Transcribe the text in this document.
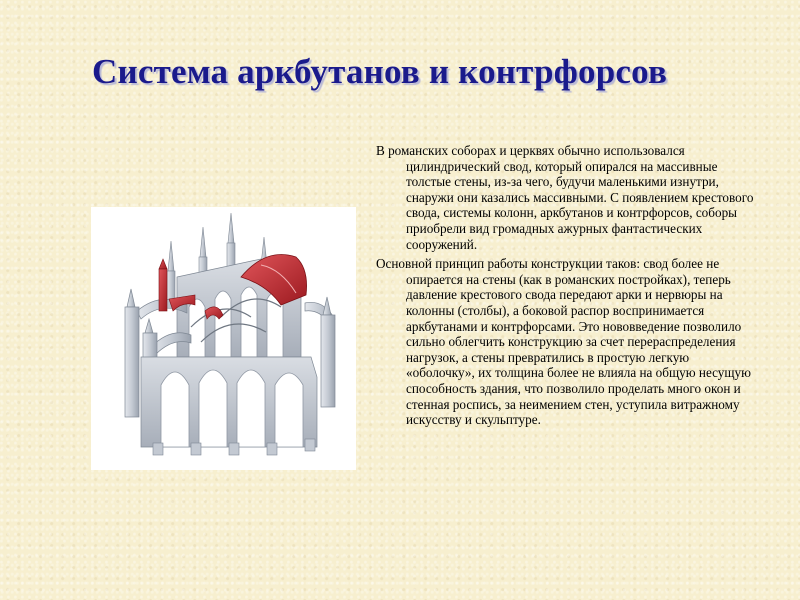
Система аркбутанов и контрфорсов

В романских соборах и церквях обычно использовался цилиндрический свод, который опирался на массивные толстые стены, из-за чего, будучи маленькими изнутри, снаружи они казались массивными. С появлением крестового свода, системы колонн, аркбутанов и контрфорсов, соборы приобрели вид громадных ажурных фантастических сооружений.

Основной принцип работы конструкции таков: свод более не опирается на стены (как в романских постройках), теперь давление крестового свода передают арки и нервюры на колонны (столбы), а боковой распор воспринимается аркбутанами и контрфорсами. Это нововведение позволило сильно облегчить конструкцию за счет перераспределения нагрузок, а стены превратились в простую легкую «оболочку», их толщина более не влияла на общую несущую способность здания, что позволило проделать много окон и стенная роспись, за неимением стен, уступила витражному искусству и скульптуре.
